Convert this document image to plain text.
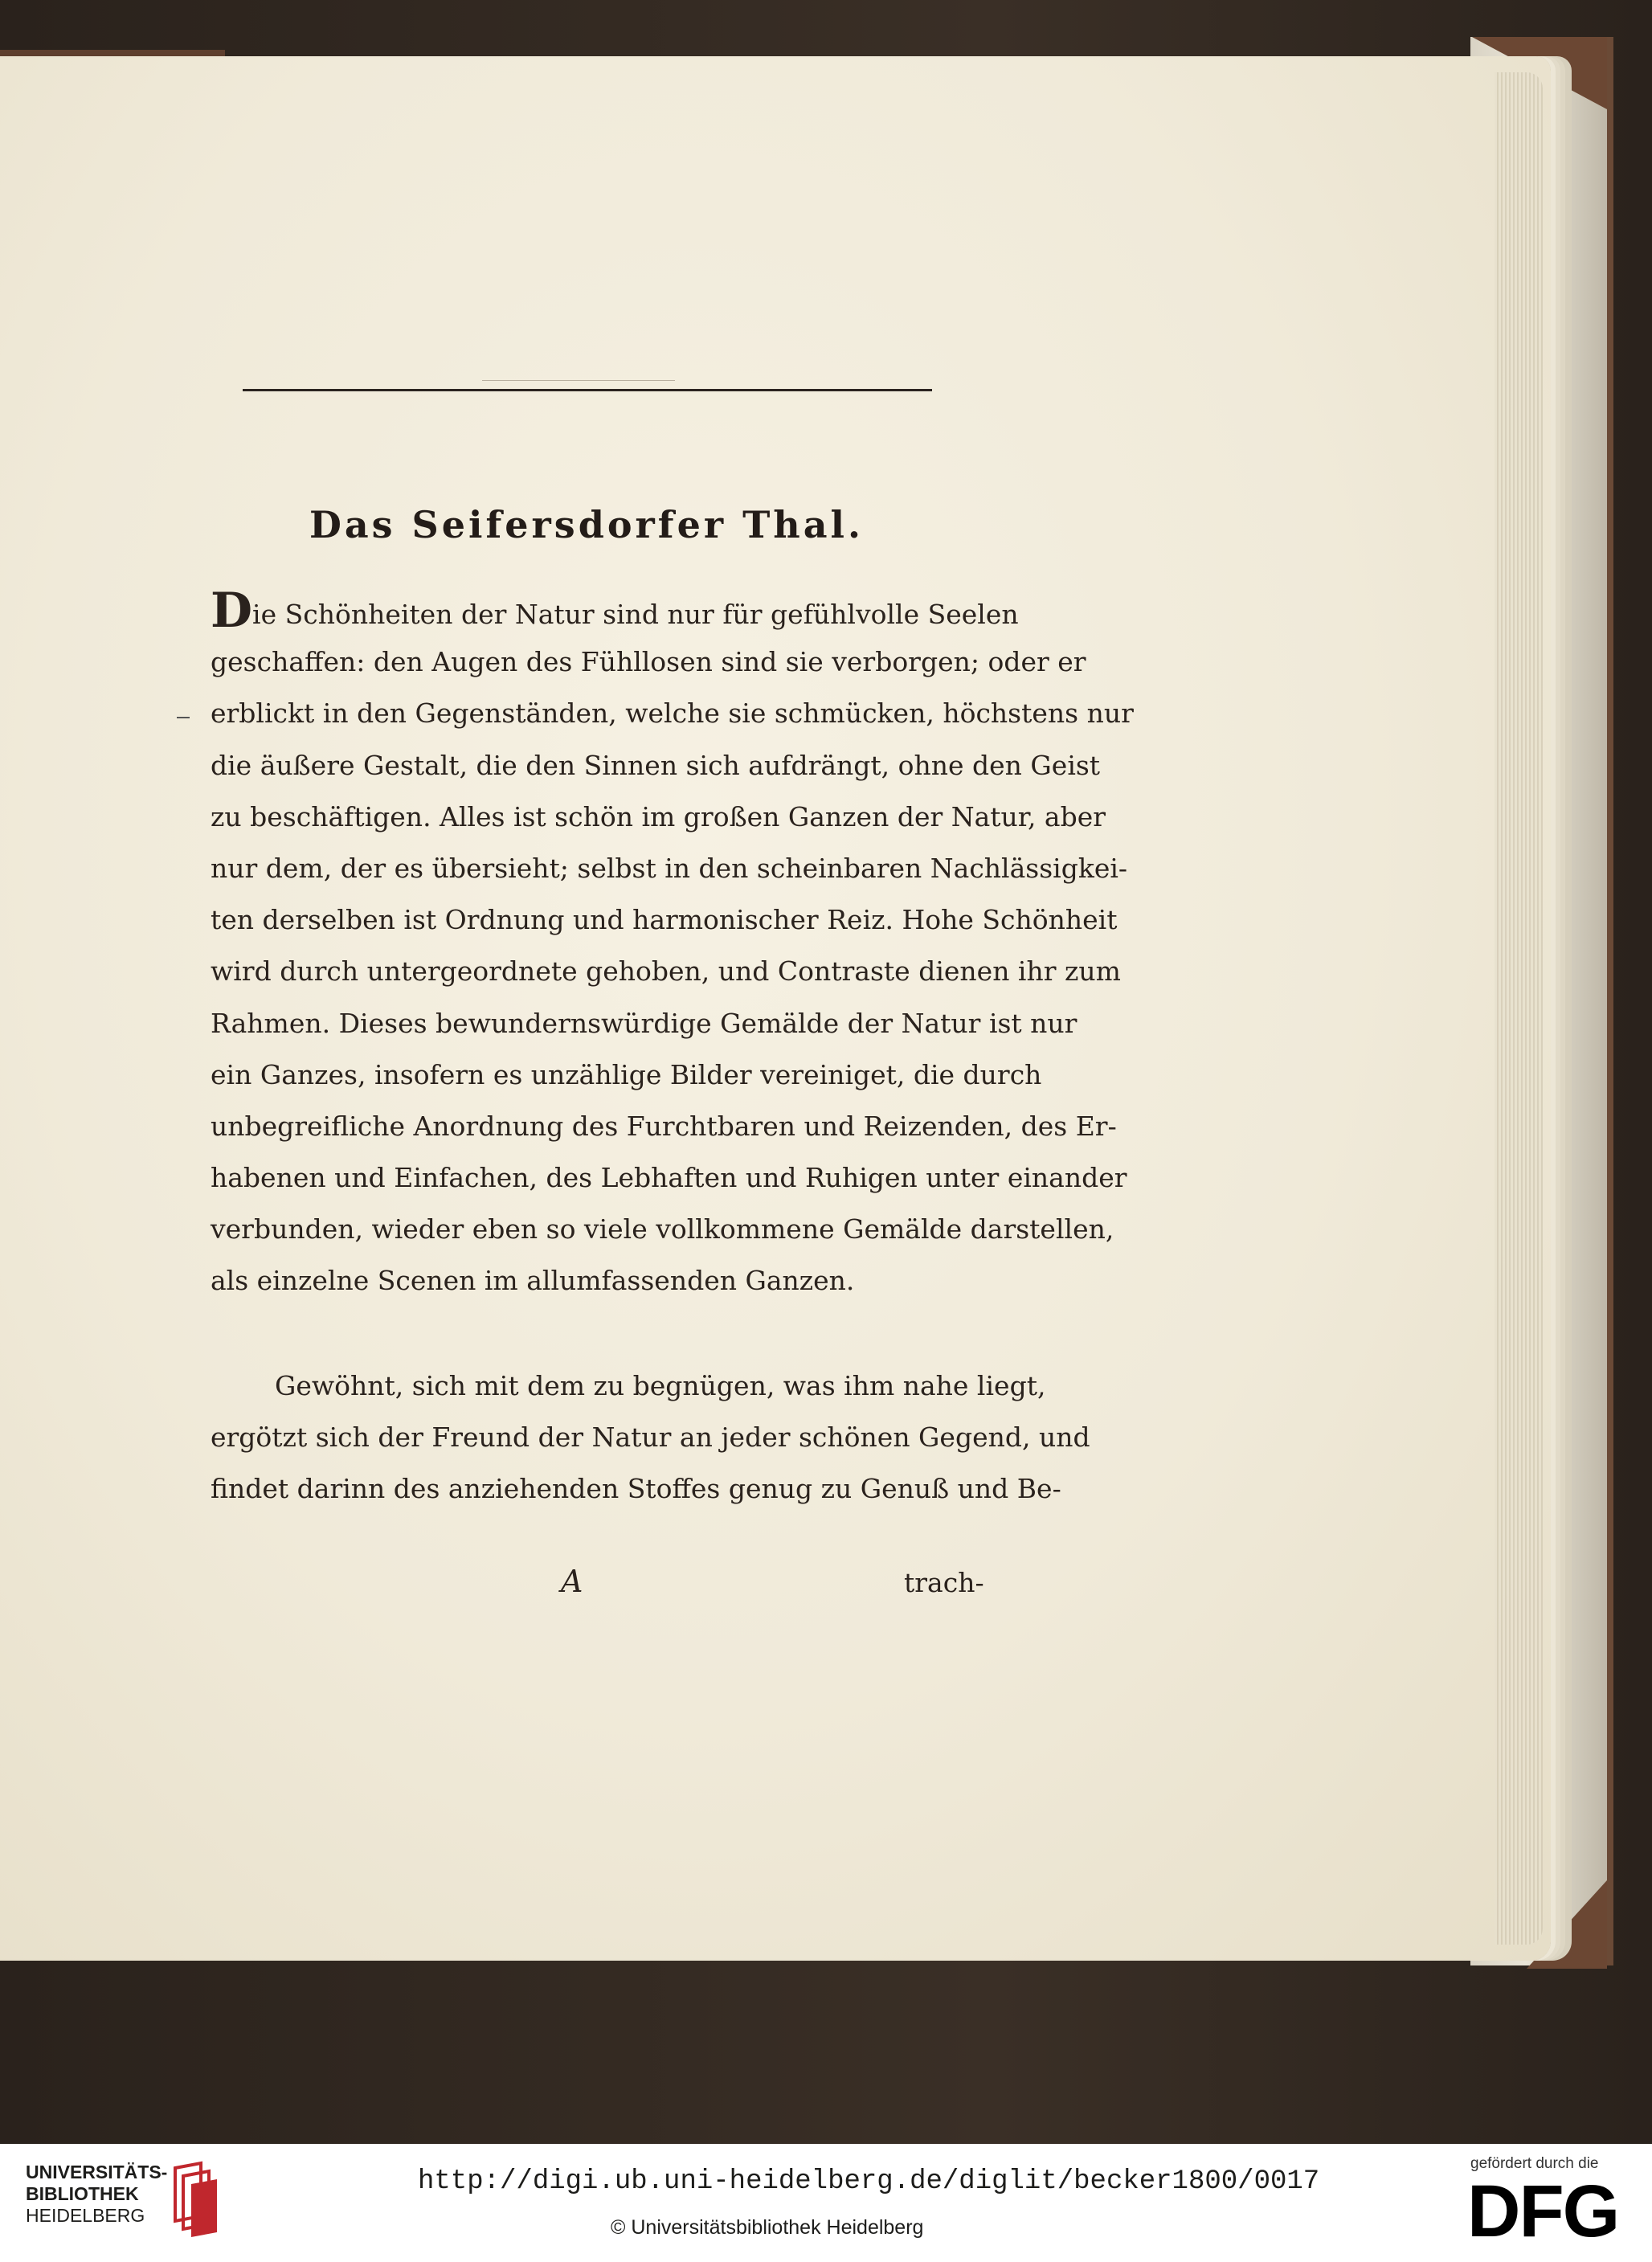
Das Seifersdorfer Thal.
Die Schönheiten der Natur sind nur für gefühlvolle Seelen
geschaffen: den Augen des Fühllosen sind sie verborgen; oder er
erblickt in den Gegenständen, welche sie schmücken, höchstens nur
die äußere Gestalt, die den Sinnen sich aufdrängt, ohne den Geist
zu beschäftigen. Alles ist schön im großen Ganzen der Natur, aber
nur dem, der es übersieht; selbst in den scheinbaren Nachlässigkei-
ten derselben ist Ordnung und harmonischer Reiz. Hohe Schönheit
wird durch untergeordnete gehoben, und Contraste dienen ihr zum
Rahmen. Dieses bewundernswürdige Gemälde der Natur ist nur
ein Ganzes, insofern es unzählige Bilder vereiniget, die durch
unbegreifliche Anordnung des Furchtbaren und Reizenden, des Er-
habenen und Einfachen, des Lebhaften und Ruhigen unter einander
verbunden, wieder eben so viele vollkommene Gemälde darstellen,
als einzelne Scenen im allumfassenden Ganzen.
Gewöhnt, sich mit dem zu begnügen, was ihm nahe liegt,
ergötzt sich der Freund der Natur an jeder schönen Gegend, und
findet darinn des anziehenden Stoffes genug zu Genuß und Be-
A	trach-
UNIVERSITÄTS-
BIBLIOTHEK
HEIDELBERG
http://digi.ub.uni-heidelberg.de/diglit/becker1800/0017
© Universitätsbibliothek Heidelberg
gefördert durch die
DFG
